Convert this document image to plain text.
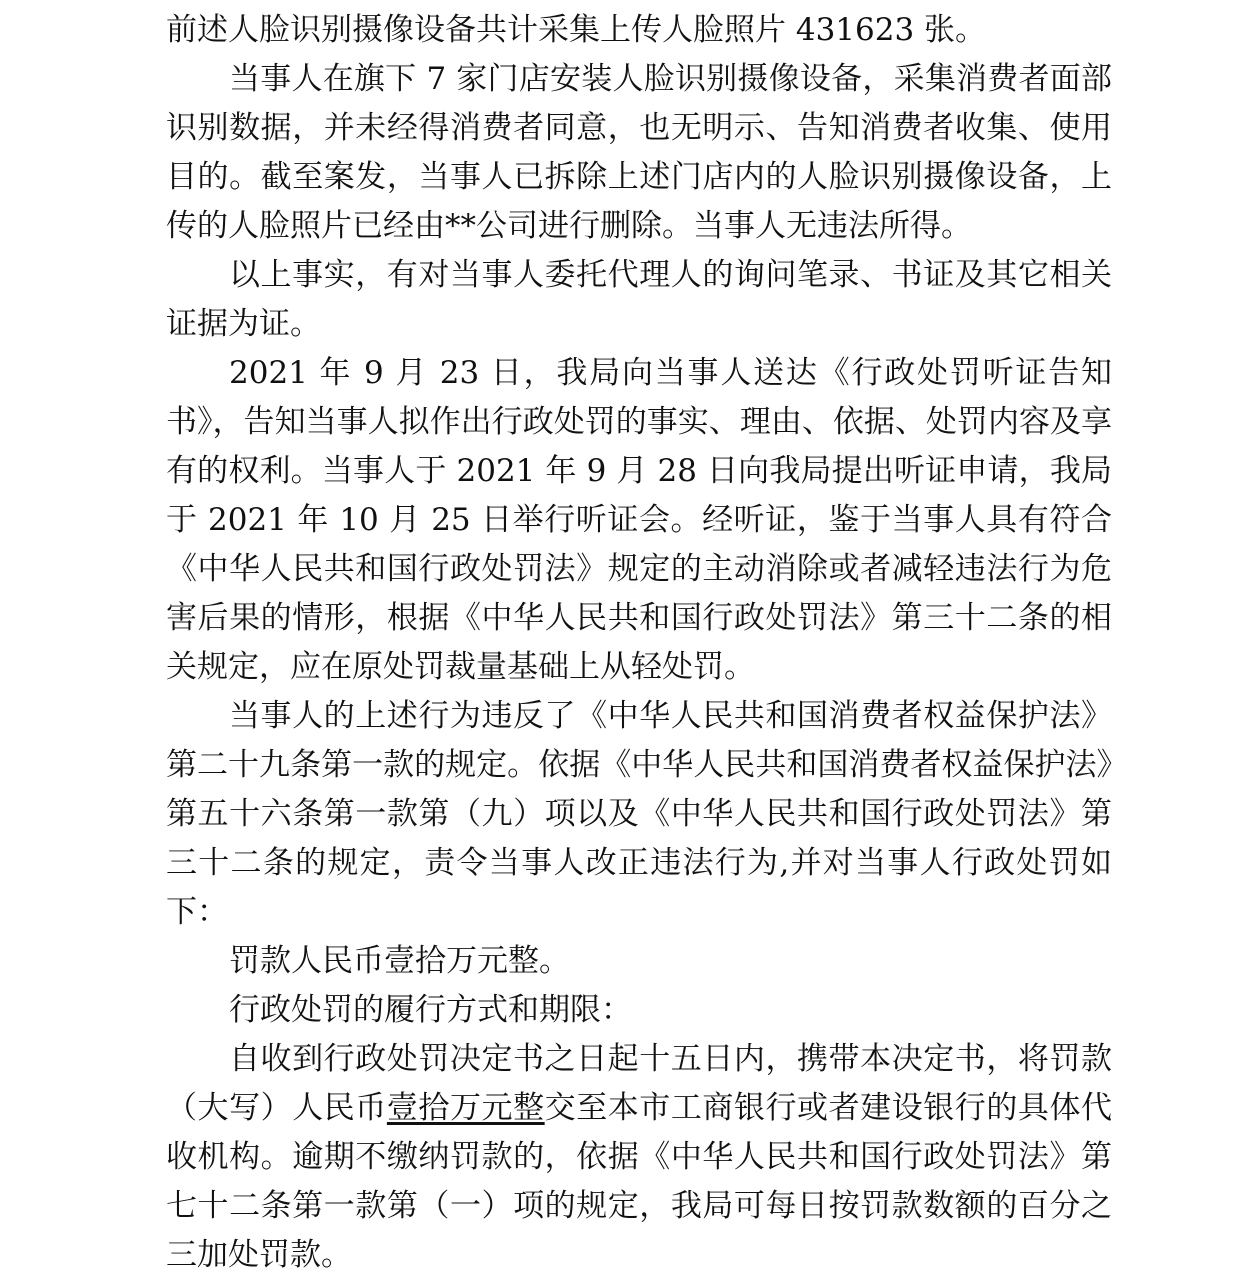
前述人脸识别摄像设备共计采集上传人脸照片 431623 张。

当事人在旗下 7 家门店安装人脸识别摄像设备，采集消费者面部识别数据，并未经得消费者同意，也无明示、告知消费者收集、使用目的。截至案发，当事人已拆除上述门店内的人脸识别摄像设备，上传的人脸照片已经由**公司进行删除。当事人无违法所得。

以上事实，有对当事人委托代理人的询问笔录、书证及其它相关证据为证。

2021 年 9 月 23 日，我局向当事人送达《行政处罚听证告知书》，告知当事人拟作出行政处罚的事实、理由、依据、处罚内容及享有的权利。当事人于 2021 年 9 月 28 日向我局提出听证申请，我局于 2021 年 10 月 25 日举行听证会。经听证，鉴于当事人具有符合《中华人民共和国行政处罚法》规定的主动消除或者减轻违法行为危害后果的情形，根据《中华人民共和国行政处罚法》第三十二条的相关规定，应在原处罚裁量基础上从轻处罚。

当事人的上述行为违反了《中华人民共和国消费者权益保护法》第二十九条第一款的规定。依据《中华人民共和国消费者权益保护法》第五十六条第一款第（九）项以及《中华人民共和国行政处罚法》第三十二条的规定，责令当事人改正违法行为,并对当事人行政处罚如下：

罚款人民币壹拾万元整。

行政处罚的履行方式和期限：

自收到行政处罚决定书之日起十五日内，携带本决定书，将罚款（大写）人民币壹拾万元整交至本市工商银行或者建设银行的具体代收机构。逾期不缴纳罚款的，依据《中华人民共和国行政处罚法》第七十二条第一款第（一）项的规定，我局可每日按罚款数额的百分之三加处罚款。
